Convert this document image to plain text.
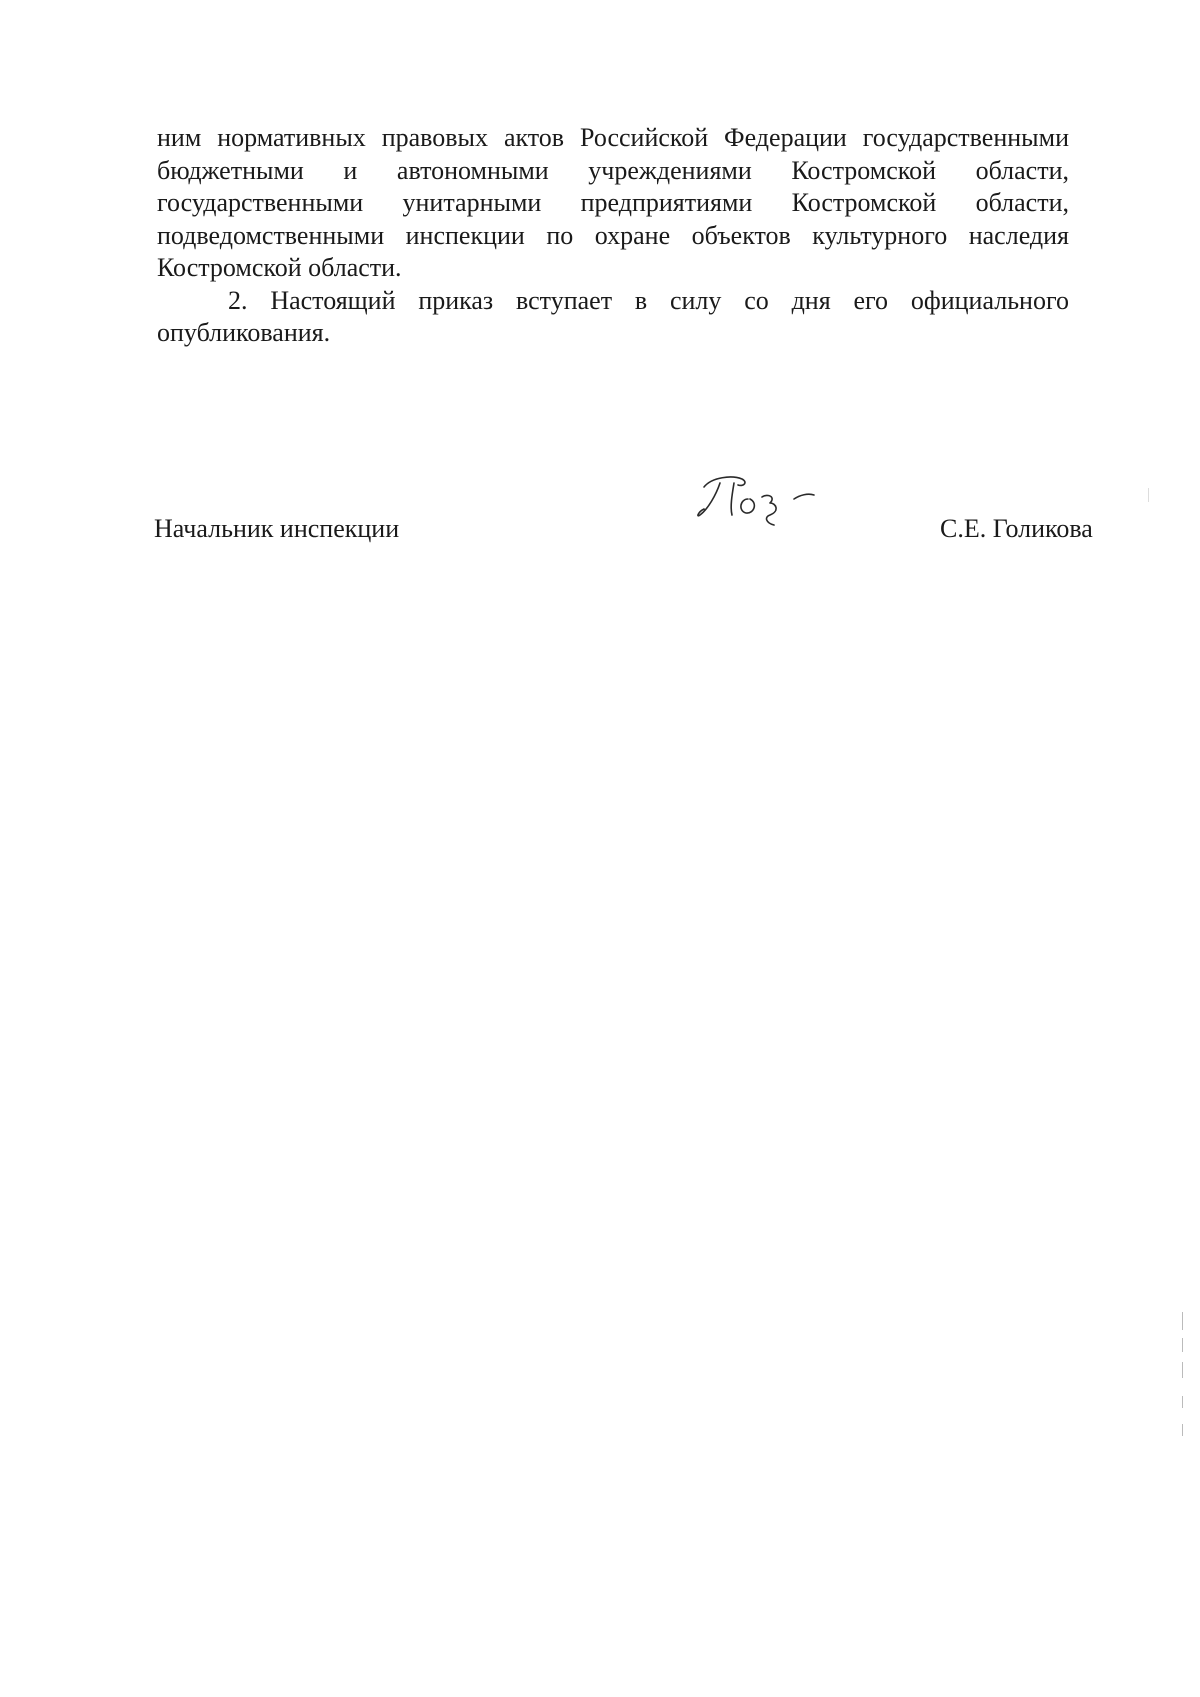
ним нормативных правовых актов Российской Федерации государственными бюджетными и автономными учреждениями Костромской области, государственными унитарными предприятиями Костромской области, подведомственными инспекции по охране объектов культурного наследия Костромской области.

2. Настоящий приказ вступает в силу со дня его официального опубликования.

Начальник инспекции	С.Е. Голикова
